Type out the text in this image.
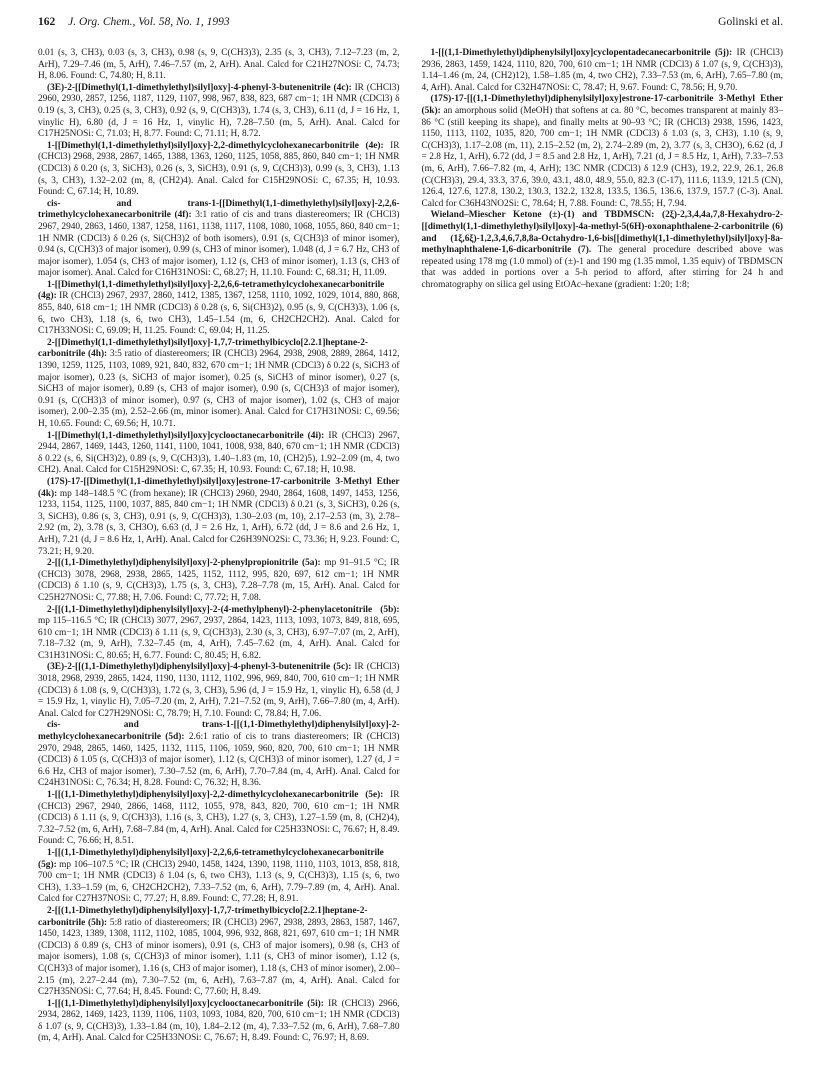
162 J. Org. Chem., Vol. 58, No. 1, 1993	Golinski et al.

0.01 (s, 3, CH3), 0.03 (s, 3, CH3), 0.98 (s, 9, C(CH3)3), 2.35 (s, 3, CH3), 7.12–7.23 (m, 2, ArH), 7.29–7.46 (m, 5, ArH), 7.46–7.57 (m, 2, ArH). Anal. Calcd for C21H27NOSi: C, 74.73; H, 8.06. Found: C, 74.80; H, 8.11.

(3E)-2-[[Dimethyl(1,1-dimethylethyl)silyl]oxy]-4-phenyl-3-butenenitrile (4c): IR (CHCl3) 2960, 2930, 2857, 1256, 1187, 1129, 1107, 998, 967, 838, 823, 687 cm−1; 1H NMR (CDCl3) δ 0.19 (s, 3, CH3), 0.25 (s, 3, CH3), 0.92 (s, 9, C(CH3)3), 1.74 (s, 3, CH3), 6.11 (d, J = 16 Hz, 1, vinylic H), 6.80 (d, J = 16 Hz, 1, vinylic H), 7.28–7.50 (m, 5, ArH). Anal. Calcd for C17H25NOSi: C, 71.03; H, 8.77. Found: C, 71.11; H, 8.72.

1-[[Dimethyl(1,1-dimethylethyl)silyl]oxy]-2,2-dimethylcyclohexanecarbonitrile (4e): IR (CHCl3) 2968, 2938, 2867, 1465, 1388, 1363, 1260, 1125, 1058, 885, 860, 840 cm−1; 1H NMR (CDCl3) δ 0.20 (s, 3, SiCH3), 0.26 (s, 3, SiCH3), 0.91 (s, 9, C(CH3)3), 0.99 (s, 3, CH3), 1.13 (s, 3, CH3), 1.32–2.02 (m, 8, (CH2)4). Anal. Calcd for C15H29NOSi: C, 67.35; H, 10.93. Found: C, 67.14; H, 10.89.

cis- and trans-1-[[Dimethyl(1,1-dimethylethyl)silyl]oxy]-2,2,6-trimethylcyclohexanecarbonitrile (4f): 3:1 ratio of cis and trans diastereomers; IR (CHCl3) 2967, 2940, 2863, 1460, 1387, 1258, 1161, 1138, 1117, 1108, 1080, 1068, 1055, 860, 840 cm−1; 1H NMR (CDCl3) δ 0.26 (s, Si(CH3)2 of both isomers), 0.91 (s, C(CH3)3 of minor isomer), 0.94 (s, C(CH3)3 of major isomer), 0.99 (s, CH3 of minor isomer), 1.048 (d, J = 6.7 Hz, CH3 of major isomer), 1.054 (s, CH3 of major isomer), 1.12 (s, CH3 of minor isomer), 1.13 (s, CH3 of major isomer). Anal. Calcd for C16H31NOSi: C, 68.27; H, 11.10. Found: C, 68.31; H, 11.09.

1-[[Dimethyl(1,1-dimethylethyl)silyl]oxy]-2,2,6,6-tetramethylcyclohexanecarbonitrile (4g): IR (CHCl3) 2967, 2937, 2860, 1412, 1385, 1367, 1258, 1110, 1092, 1029, 1014, 880, 868, 855, 840, 618 cm−1; 1H NMR (CDCl3) δ 0.28 (s, 6, Si(CH3)2), 0.95 (s, 9, C(CH3)3), 1.06 (s, 6, two CH3), 1.18 (s, 6, two CH3), 1.45–1.54 (m, 6, CH2CH2CH2). Anal. Calcd for C17H33NOSi: C, 69.09; H, 11.25. Found: C, 69.04; H, 11.25.

2-[[Dimethyl(1,1-dimethylethyl)silyl]oxy]-1,7,7-trimethylbicyclo[2.2.1]heptane-2-carbonitrile (4h): 3:5 ratio of diastereomers; IR (CHCl3) 2964, 2938, 2908, 2889, 2864, 1412, 1390, 1259, 1125, 1103, 1089, 921, 840, 832, 670 cm−1; 1H NMR (CDCl3) δ 0.22 (s, SiCH3 of major isomer), 0.23 (s, SiCH3 of major isomer), 0.25 (s, SiCH3 of minor isomer), 0.27 (s, SiCH3 of major isomer), 0.89 (s, CH3 of major isomer), 0.90 (s, C(CH3)3 of major isomer), 0.91 (s, C(CH3)3 of minor isomer), 0.97 (s, CH3 of major isomer), 1.02 (s, CH3 of major isomer), 2.00–2.35 (m), 2.52–2.66 (m, minor isomer). Anal. Calcd for C17H31NOSi: C, 69.56; H, 10.65. Found: C, 69.56; H, 10.71.

1-[[Dimethyl(1,1-dimethylethyl)silyl]oxy]cyclooctanecarbonitrile (4i): IR (CHCl3) 2967, 2944, 2867, 1469, 1443, 1260, 1141, 1100, 1041, 1008, 938, 840, 670 cm−1; 1H NMR (CDCl3) δ 0.22 (s, 6, Si(CH3)2), 0.89 (s, 9, C(CH3)3), 1.40–1.83 (m, 10, (CH2)5), 1.92–2.09 (m, 4, two CH2). Anal. Calcd for C15H29NOSi: C, 67.35; H, 10.93. Found: C, 67.18; H, 10.98.

(17S)-17-[[Dimethyl(1,1-dimethylethyl)silyl]oxy]estrone-17-carbonitrile 3-Methyl Ether (4k): mp 148–148.5 °C (from hexane); IR (CHCl3) 2960, 2940, 2864, 1608, 1497, 1453, 1256, 1233, 1154, 1125, 1100, 1037, 885, 840 cm−1; 1H NMR (CDCl3) δ 0.21 (s, 3, SiCH3), 0.26 (s, 3, SiCH3), 0.86 (s, 3, CH3), 0.91 (s, 9, C(CH3)3), 1.30–2.03 (m, 10), 2.17–2.53 (m, 3), 2.78–2.92 (m, 2), 3.78 (s, 3, CH3O), 6.63 (d, J = 2.6 Hz, 1, ArH), 6.72 (dd, J = 8.6 and 2.6 Hz, 1, ArH), 7.21 (d, J = 8.6 Hz, 1, ArH). Anal. Calcd for C26H39NO2Si: C, 73.36; H, 9.23. Found: C, 73.21; H, 9.20.

2-[[(1,1-Dimethylethyl)diphenylsilyl]oxy]-2-phenylpropionitrile (5a): mp 91–91.5 °C; IR (CHCl3) 3078, 2968, 2938, 2865, 1425, 1152, 1112, 995, 820, 697, 612 cm−1; 1H NMR (CDCl3) δ 1.10 (s, 9, C(CH3)3), 1.75 (s, 3, CH3), 7.28–7.78 (m, 15, ArH). Anal. Calcd for C25H27NOSi: C, 77.88; H, 7.06. Found: C, 77.72; H, 7.08.

2-[[(1,1-Dimethylethyl)diphenylsilyl]oxy]-2-(4-methylphenyl)-2-phenylacetonitrile (5b): mp 115–116.5 °C; IR (CHCl3) 3077, 2967, 2937, 2864, 1423, 1113, 1093, 1073, 849, 818, 695, 610 cm−1; 1H NMR (CDCl3) δ 1.11 (s, 9, C(CH3)3), 2.30 (s, 3, CH3), 6.97–7.07 (m, 2, ArH), 7.18–7.32 (m, 9, ArH), 7.32–7.45 (m, 4, ArH), 7.45–7.62 (m, 4, ArH). Anal. Calcd for C31H31NOSi: C, 80.65; H, 6.77. Found: C, 80.45; H, 6.82.

(3E)-2-[[(1,1-Dimethylethyl)diphenylsilyl]oxy]-4-phenyl-3-butenenitrile (5c): IR (CHCl3) 3018, 2968, 2939, 2865, 1424, 1190, 1130, 1112, 1102, 996, 969, 840, 700, 610 cm−1; 1H NMR (CDCl3) δ 1.08 (s, 9, C(CH3)3), 1.72 (s, 3, CH3), 5.96 (d, J = 15.9 Hz, 1, vinylic H), 6.58 (d, J = 15.9 Hz, 1, vinylic H), 7.05–7.20 (m, 2, ArH), 7.21–7.52 (m, 9, ArH), 7.66–7.80 (m, 4, ArH). Anal. Calcd for C27H29NOSi: C, 78.79; H, 7.10. Found: C, 78.84; H, 7.06.

cis- and trans-1-[[(1,1-Dimethylethyl)diphenylsilyl]oxy]-2-methylcyclohexanecarbonitrile (5d): 2.6:1 ratio of cis to trans diastereomers; IR (CHCl3) 2970, 2948, 2865, 1460, 1425, 1132, 1115, 1106, 1059, 960, 820, 700, 610 cm−1; 1H NMR (CDCl3) δ 1.05 (s, C(CH3)3 of major isomer), 1.12 (s, C(CH3)3 of minor isomer), 1.27 (d, J = 6.6 Hz, CH3 of major isomer), 7.30–7.52 (m, 6, ArH), 7.70–7.84 (m, 4, ArH). Anal. Calcd for C24H31NOSi: C, 76.34; H, 8.28. Found: C, 76.32; H, 8.36.

1-[[(1,1-Dimethylethyl)diphenylsilyl]oxy]-2,2-dimethylcyclohexanecarbonitrile (5e): IR (CHCl3) 2967, 2940, 2866, 1468, 1112, 1055, 978, 843, 820, 700, 610 cm−1; 1H NMR (CDCl3) δ 1.11 (s, 9, C(CH3)3), 1.16 (s, 3, CH3), 1.27 (s, 3, CH3), 1.27–1.59 (m, 8, (CH2)4), 7.32–7.52 (m, 6, ArH), 7.68–7.84 (m, 4, ArH). Anal. Calcd for C25H33NOSi: C, 76.67; H, 8.49. Found: C, 76.66; H, 8.51.

1-[[(1,1-Dimethylethyl)diphenylsilyl]oxy]-2,2,6,6-tetramethylcyclohexanecarbonitrile (5g): mp 106–107.5 °C; IR (CHCl3) 2940, 1458, 1424, 1390, 1198, 1110, 1103, 1013, 858, 818, 700 cm−1; 1H NMR (CDCl3) δ 1.04 (s, 6, two CH3), 1.13 (s, 9, C(CH3)3), 1.15 (s, 6, two CH3), 1.33–1.59 (m, 6, CH2CH2CH2), 7.33–7.52 (m, 6, ArH), 7.79–7.89 (m, 4, ArH). Anal. Calcd for C27H37NOSi: C, 77.27; H, 8.89. Found: C, 77.28; H, 8.91.

2-[[(1,1-Dimethylethyl)diphenylsilyl]oxy]-1,7,7-trimethylbicyclo[2.2.1]heptane-2-carbonitrile (5h): 5:8 ratio of diastereomers; IR (CHCl3) 2967, 2938, 2893, 2863, 1587, 1467, 1450, 1423, 1389, 1308, 1112, 1102, 1085, 1004, 996, 932, 868, 821, 697, 610 cm−1; 1H NMR (CDCl3) δ 0.89 (s, CH3 of minor isomers), 0.91 (s, CH3 of major isomers), 0.98 (s, CH3 of major isomers), 1.08 (s, C(CH3)3 of minor isomer), 1.11 (s, CH3 of minor isomer), 1.12 (s, C(CH3)3 of major isomer), 1.16 (s, CH3 of major isomer), 1.18 (s, CH3 of minor isomer), 2.00–2.15 (m), 2.27–2.44 (m), 7.30–7.52 (m, 6, ArH), 7.63–7.87 (m, 4, ArH). Anal. Calcd for C27H35NOSi: C, 77.64; H, 8.45. Found: C, 77.60; H, 8.49.

1-[[(1,1-Dimethylethyl)diphenylsilyl]oxy]cyclooctanecarbonitrile (5i): IR (CHCl3) 2966, 2934, 2862, 1469, 1423, 1139, 1106, 1103, 1093, 1084, 820, 700, 610 cm−1; 1H NMR (CDCl3) δ 1.07 (s, 9, C(CH3)3), 1.33–1.84 (m, 10), 1.84–2.12 (m, 4), 7.33–7.52 (m, 6, ArH), 7.68–7.80 (m, 4, ArH). Anal. Calcd for C25H33NOSi: C, 76.67; H, 8.49. Found: C, 76.97; H, 8.69.

1-[[(1,1-Dimethylethyl)diphenylsilyl]oxy]cyclopentadecanecarbonitrile (5j): IR (CHCl3) 2936, 2863, 1459, 1424, 1110, 820, 700, 610 cm−1; 1H NMR (CDCl3) δ 1.07 (s, 9, C(CH3)3), 1.14–1.46 (m, 24, (CH2)12), 1.58–1.85 (m, 4, two CH2), 7.33–7.53 (m, 6, ArH), 7.65–7.80 (m, 4, ArH). Anal. Calcd for C32H47NOSi: C, 78.47; H, 9.67. Found: C, 78.56; H, 9.70.

(17S)-17-[[(1,1-Dimethylethyl)diphenylsilyl]oxy]estrone-17-carbonitrile 3-Methyl Ether (5k): an amorphous solid (MeOH) that softens at ca. 80 °C, becomes transparent at mainly 83–86 °C (still keeping its shape), and finally melts at 90–93 °C; IR (CHCl3) 2938, 1596, 1423, 1150, 1113, 1102, 1035, 820, 700 cm−1; 1H NMR (CDCl3) δ 1.03 (s, 3, CH3), 1.10 (s, 9, C(CH3)3), 1.17–2.08 (m, 11), 2.15–2.52 (m, 2), 2.74–2.89 (m, 2), 3.77 (s, 3, CH3O), 6.62 (d, J = 2.8 Hz, 1, ArH), 6.72 (dd, J = 8.5 and 2.8 Hz, 1, ArH), 7.21 (d, J = 8.5 Hz, 1, ArH), 7.33–7.53 (m, 6, ArH), 7.66–7.82 (m, 4, ArH); 13C NMR (CDCl3) δ 12.9 (CH3), 19.2, 22.9, 26.1, 26.8 (C(CH3)3), 29.4, 33.3, 37.6, 39.0, 43.1, 48.0, 48.9, 55.0, 82.3 (C-17), 111.6, 113.9, 121.5 (CN), 126.4, 127.6, 127.8, 130.2, 130.3, 132.2, 132.8, 133.5, 136.5, 136.6, 137.9, 157.7 (C-3). Anal. Calcd for C36H43NO2Si: C, 78.64; H, 7.88. Found: C, 78.55; H, 7.94.

Wieland–Miescher Ketone (±)-(1) and TBDMSCN: (2ξ)-2,3,4,4a,7,8-Hexahydro-2-[[dimethyl(1,1-dimethylethyl)silyl]oxy]-4a-methyl-5(6H)-oxonaphthalene-2-carbonitrile (6) and (1ξ,6ξ)-1,2,3,4,6,7,8,8a-Octahydro-1,6-bis[[dimethyl(1,1-dimethylethyl)silyl]oxy]-8a-methylnaphthalene-1,6-dicarbonitrile (7). The general procedure described above was repeated using 178 mg (1.0 mmol) of (±)-1 and 190 mg (1.35 mmol, 1.35 equiv) of TBDMSCN that was added in portions over a 5-h period to afford, after stirring for 24 h and chromatography on silica gel using EtOAc–hexane (gradient: 1:20; 1:8;
